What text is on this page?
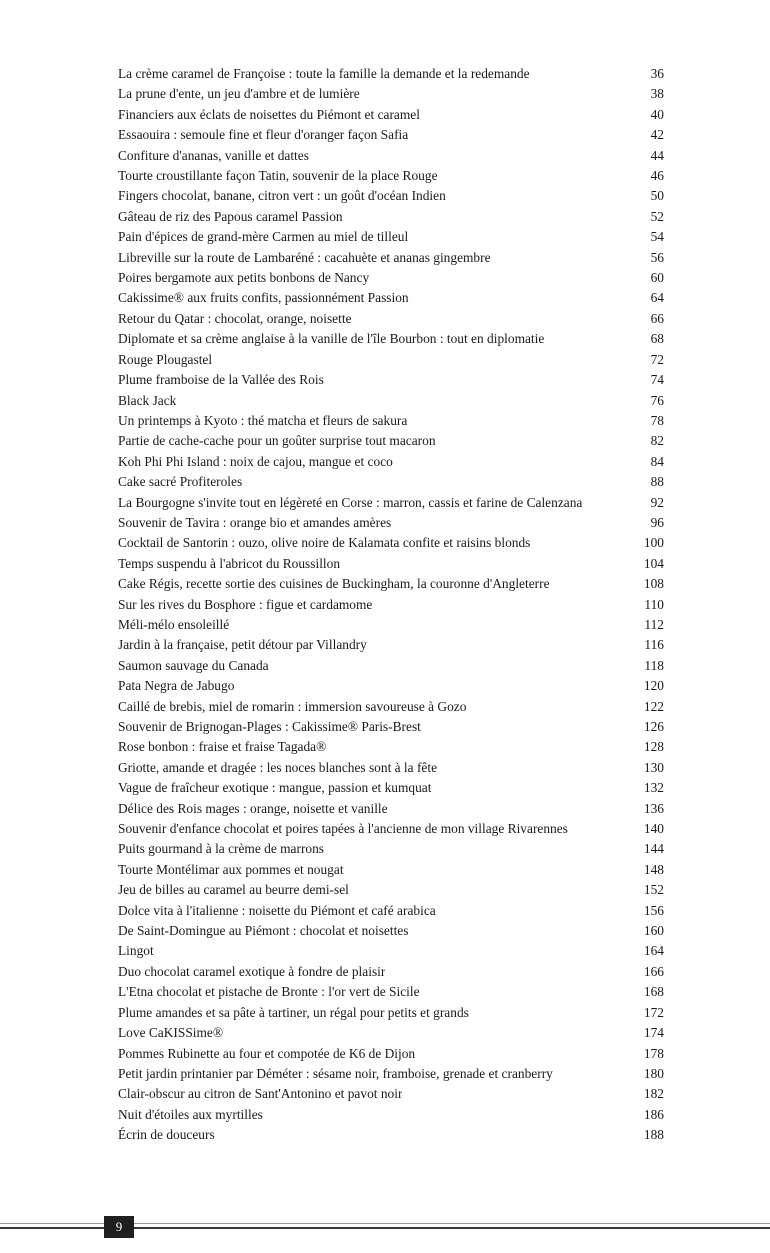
La crème caramel de Françoise : toute la famille la demande et la redemande	36
La prune d'ente, un jeu d'ambre et de lumière	38
Financiers aux éclats de noisettes du Piémont et caramel	40
Essaouira : semoule fine et fleur d'oranger façon Safia	42
Confiture d'ananas, vanille et dattes	44
Tourte croustillante façon Tatin, souvenir de la place Rouge	46
Fingers chocolat, banane, citron vert : un goût d'océan Indien	50
Gâteau de riz des Papous caramel Passion	52
Pain d'épices de grand-mère Carmen au miel de tilleul	54
Libreville sur la route de Lambaréné : cacahuète et ananas gingembre	56
Poires bergamote aux petits bonbons de Nancy	60
Cakissime® aux fruits confits, passionnément Passion	64
Retour du Qatar : chocolat, orange, noisette	66
Diplomate et sa crème anglaise à la vanille de l'île Bourbon : tout en diplomatie	68
Rouge Plougastel	72
Plume framboise de la Vallée des Rois	74
Black Jack	76
Un printemps à Kyoto : thé matcha et fleurs de sakura	78
Partie de cache-cache pour un goûter surprise tout macaron	82
Koh Phi Phi Island : noix de cajou, mangue et coco	84
Cake sacré Profiteroles	88
La Bourgogne s'invite tout en légèreté en Corse : marron, cassis et farine de Calenzana	92
Souvenir de Tavira : orange bio et amandes amères	96
Cocktail de Santorin : ouzo, olive noire de Kalamata confite et raisins blonds	100
Temps suspendu à l'abricot du Roussillon	104
Cake Régis, recette sortie des cuisines de Buckingham, la couronne d'Angleterre	108
Sur les rives du Bosphore : figue et cardamome	110
Méli-mélo ensoleillé	112
Jardin à la française, petit détour par Villandry	116
Saumon sauvage du Canada	118
Pata Negra de Jabugo	120
Caillé de brebis, miel de romarin : immersion savoureuse à Gozo	122
Souvenir de Brignogan-Plages : Cakissime® Paris-Brest	126
Rose bonbon : fraise et fraise Tagada®	128
Griotte, amande et dragée : les noces blanches sont à la fête	130
Vague de fraîcheur exotique : mangue, passion et kumquat	132
Délice des Rois mages : orange, noisette et vanille	136
Souvenir d'enfance chocolat et poires tapées à l'ancienne de mon village Rivarennes	140
Puits gourmand à la crème de marrons	144
Tourte Montélimar aux pommes et nougat	148
Jeu de billes au caramel au beurre demi-sel	152
Dolce vita à l'italienne : noisette du Piémont et café arabica	156
De Saint-Domingue au Piémont : chocolat et noisettes	160
Lingot	164
Duo chocolat caramel exotique à fondre de plaisir	166
L'Etna chocolat et pistache de Bronte : l'or vert de Sicile	168
Plume amandes et sa pâte à tartiner, un régal pour petits et grands	172
Love CaKISSime®	174
Pommes Rubinette au four et compotée de K6 de Dijon	178
Petit jardin printanier par Déméter : sésame noir, framboise, grenade et cranberry	180
Clair-obscur au citron de Sant'Antonino et pavot noir	182
Nuit d'étoiles aux myrtilles	186
Écrin de douceurs	188
9
